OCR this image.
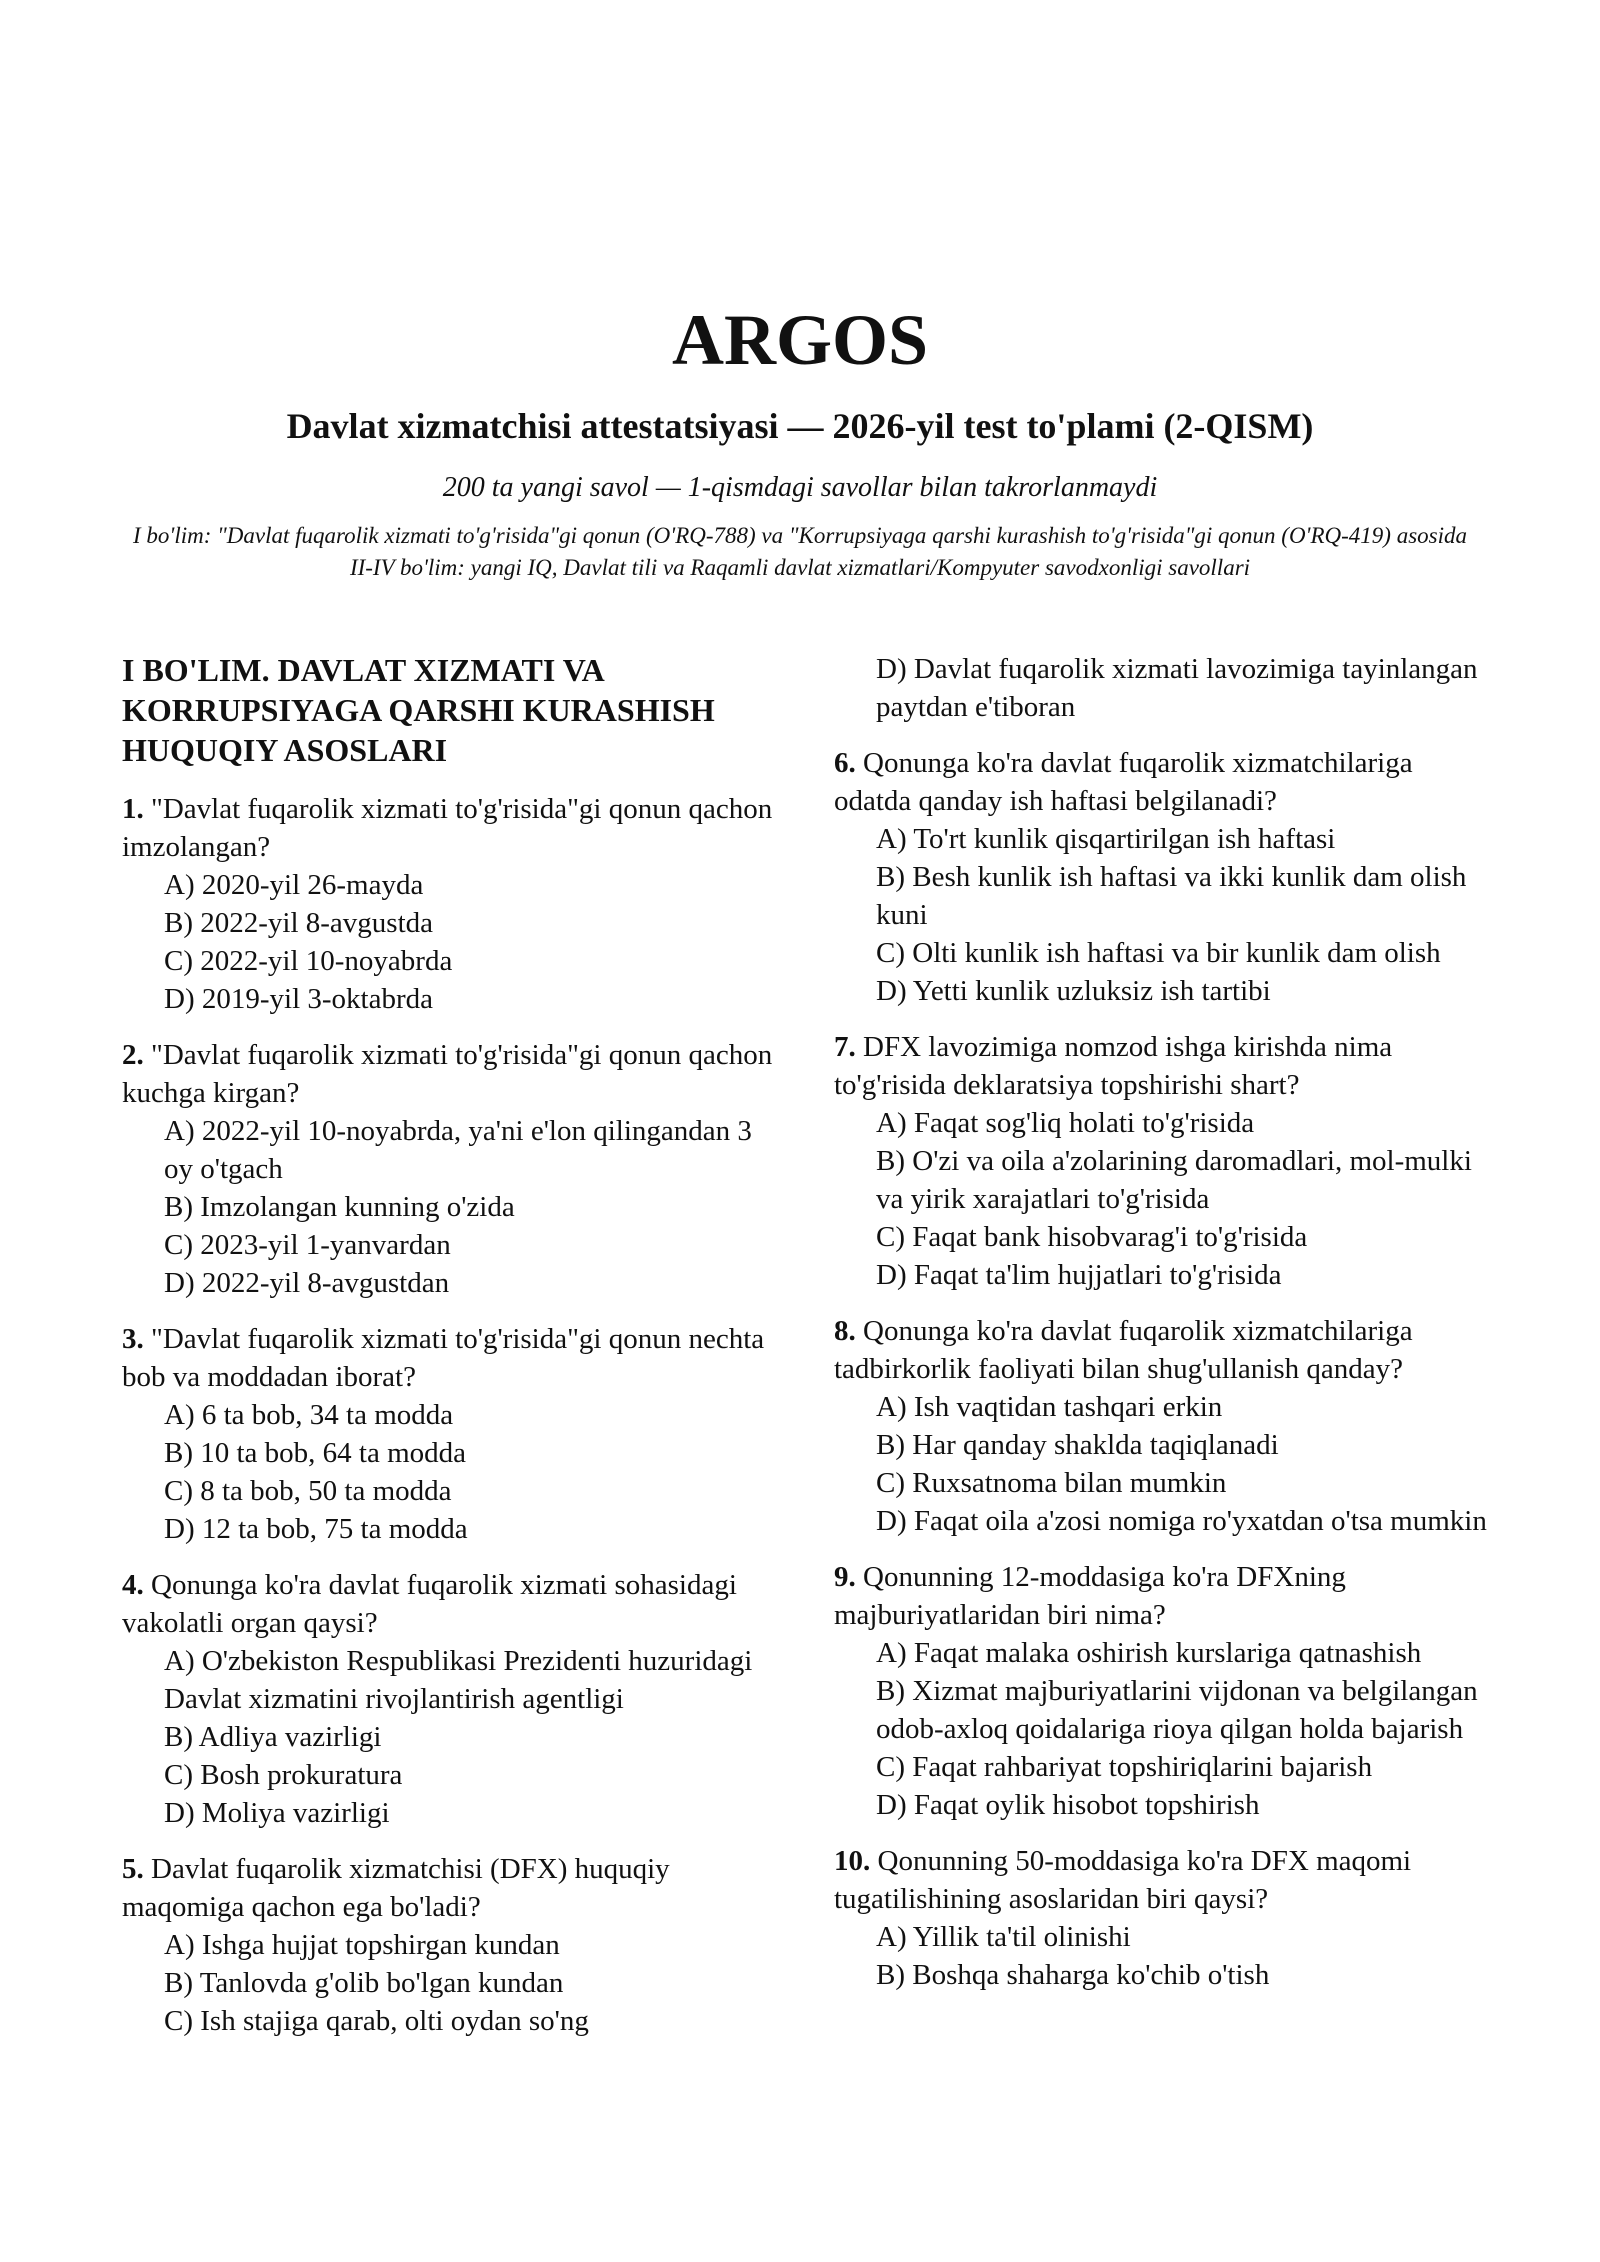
ARGOS

Davlat xizmatchisi attestatsiyasi — 2026-yil test to'plami (2-QISM)

200 ta yangi savol — 1-qismdagi savollar bilan takrorlanmaydi

I bo'lim: "Davlat fuqarolik xizmati to'g'risida"gi qonun (O'RQ-788) va "Korrupsiyaga qarshi kurashish to'g'risida"gi qonun (O'RQ-419) asosida
II-IV bo'lim: yangi IQ, Davlat tili va Raqamli davlat xizmatlari/Kompyuter savodxonligi savollari
I BO'LIM. DAVLAT XIZMATI VA KORRUPSIYAGA QARSHI KURASHISH HUQUQIY ASOSLARI

1. "Davlat fuqarolik xizmati to'g'risida"gi qonun qachon imzolangan?

A) 2020-yil 26-mayda
B) 2022-yil 8-avgustda
C) 2022-yil 10-noyabrda
D) 2019-yil 3-oktabrda

2. "Davlat fuqarolik xizmati to'g'risida"gi qonun qachon kuchga kirgan?

A) 2022-yil 10-noyabrda, ya'ni e'lon qilingandan 3 oy o'tgach
B) Imzolangan kunning o'zida
C) 2023-yil 1-yanvardan
D) 2022-yil 8-avgustdan

3. "Davlat fuqarolik xizmati to'g'risida"gi qonun nechta bob va moddadan iborat?

A) 6 ta bob, 34 ta modda
B) 10 ta bob, 64 ta modda
C) 8 ta bob, 50 ta modda
D) 12 ta bob, 75 ta modda

4. Qonunga ko'ra davlat fuqarolik xizmati sohasidagi vakolatli organ qaysi?

A) O'zbekiston Respublikasi Prezidenti huzuridagi Davlat xizmatini rivojlantirish agentligi
B) Adliya vazirligi
C) Bosh prokuratura
D) Moliya vazirligi

5. Davlat fuqarolik xizmatchisi (DFX) huquqiy maqomiga qachon ega bo'ladi?

A) Ishga hujjat topshirgan kundan
B) Tanlovda g'olib bo'lgan kundan
C) Ish stajiga qarab, olti oydan so'ng
D) Davlat fuqarolik xizmati lavozimiga tayinlangan paytdan e'tiboran

6. Qonunga ko'ra davlat fuqarolik xizmatchilariga odatda qanday ish haftasi belgilanadi?

A) To'rt kunlik qisqartirilgan ish haftasi
B) Besh kunlik ish haftasi va ikki kunlik dam olish kuni
C) Olti kunlik ish haftasi va bir kunlik dam olish
D) Yetti kunlik uzluksiz ish tartibi

7. DFX lavozimiga nomzod ishga kirishda nima to'g'risida deklaratsiya topshirishi shart?

A) Faqat sog'liq holati to'g'risida
B) O'zi va oila a'zolarining daromadlari, mol-mulki va yirik xarajatlari to'g'risida
C) Faqat bank hisobvarag'i to'g'risida
D) Faqat ta'lim hujjatlari to'g'risida

8. Qonunga ko'ra davlat fuqarolik xizmatchilariga tadbirkorlik faoliyati bilan shug'ullanish qanday?

A) Ish vaqtidan tashqari erkin
B) Har qanday shaklda taqiqlanadi
C) Ruxsatnoma bilan mumkin
D) Faqat oila a'zosi nomiga ro'yxatdan o'tsa mumkin

9. Qonunning 12-moddasiga ko'ra DFXning majburiyatlaridan biri nima?

A) Faqat malaka oshirish kurslariga qatnashish
B) Xizmat majburiyatlarini vijdonan va belgilangan odob-axloq qoidalariga rioya qilgan holda bajarish
C) Faqat rahbariyat topshiriqlarini bajarish
D) Faqat oylik hisobot topshirish

10. Qonunning 50-moddasiga ko'ra DFX maqomi tugatilishining asoslaridan biri qaysi?

A) Yillik ta'til olinishi
B) Boshqa shaharga ko'chib o'tish
